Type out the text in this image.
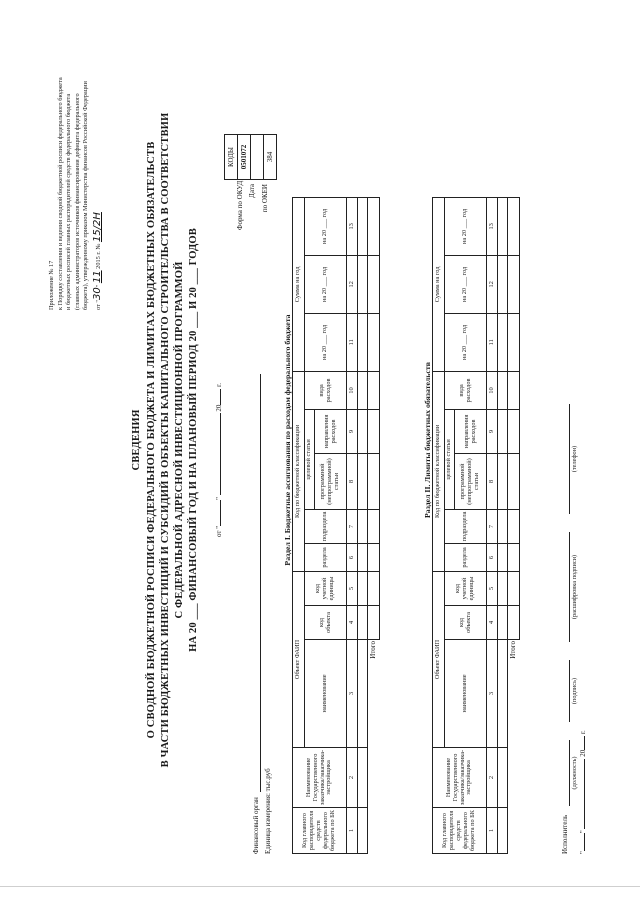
Приложение № 17 к Порядку составления и ведения сводной бюджетной росписи федерального бюджета и бюджетных росписей главных распорядителей средств федерального бюджета (главных администраторов источников финансирования дефицита федерального бюджета), утвержденному приказом Министерства финансов Российской Федерации от "30" 11 2015 г. № 15/2Н
СВЕДЕНИЯ О СВОДНОЙ БЮДЖЕТНОЙ РОСПИСИ ФЕДЕРАЛЬНОГО БЮДЖЕТА И ЛИМИТАХ БЮДЖЕТНЫХ ОБЯЗАТЕЛЬСТВ В ЧАСТИ БЮДЖЕТНЫХ ИНВЕСТИЦИЙ И СУБСИДИЙ В ОБЪЕКТЫ КАПИТАЛЬНОГО СТРОИТЕЛЬСТВА В СООТВЕТСТВИИ С ФЕДЕРАЛЬНОЙ АДРЕСНОЙ ИНВЕСТИЦИОННОЙ ПРОГРАММОЙ НА 20 ___ ФИНАНСОВЫЙ ГОД И НА ПЛАНОВЫЙ ПЕРИОД 20 ___ И 20 ___ ГОДОВ от ""  20 г.
Финансовый орган Единица измерения: тыс.руб
Форма по ОКУД Дата по ОКЕИ
КОДЫ
0501072

384
Раздел I. Бюджетные ассигнования по расходам федерального бюджета
Код главного распорядителя средств федерального бюджета по БК	Наименование Государственного заказчика/заказчика-застройщика	Объект ФАИП			Код по бюджетной классификации					Сумма на год			
		наименование	код объекта	код учетной единицы	раздела	подраздела	целевой статьи		вида расходов	на 20 ___ год	на 20 ___ год	на 20 ___ год	
							программной (непрограммной) статьи	направления расходов					
1	2	3	4	5	6	7	8	9	10	11	12	13	

		Итого											
Раздел II. Лимиты бюджетных обязательств
Код главного распорядителя средств федерального бюджета по БК	Наименование Государственного заказчика/заказчика-застройщика	Объект ФАИП			Код по бюджетной классификации					Сумма на год			
		наименование	код объекта	код учетной единицы	раздела	подраздела	целевой статьи		вида расходов	на 20 ___ год	на 20 ___ год	на 20 ___ год	
							программной (непрограммной) статьи	направления расходов					
1	2	3	4	5	6	7	8	9	10	11	12	13	

		Итого											
Исполнитель
(должность)
(подпись)
(расшифровка подписи)
(телефон)
""  20 г.
